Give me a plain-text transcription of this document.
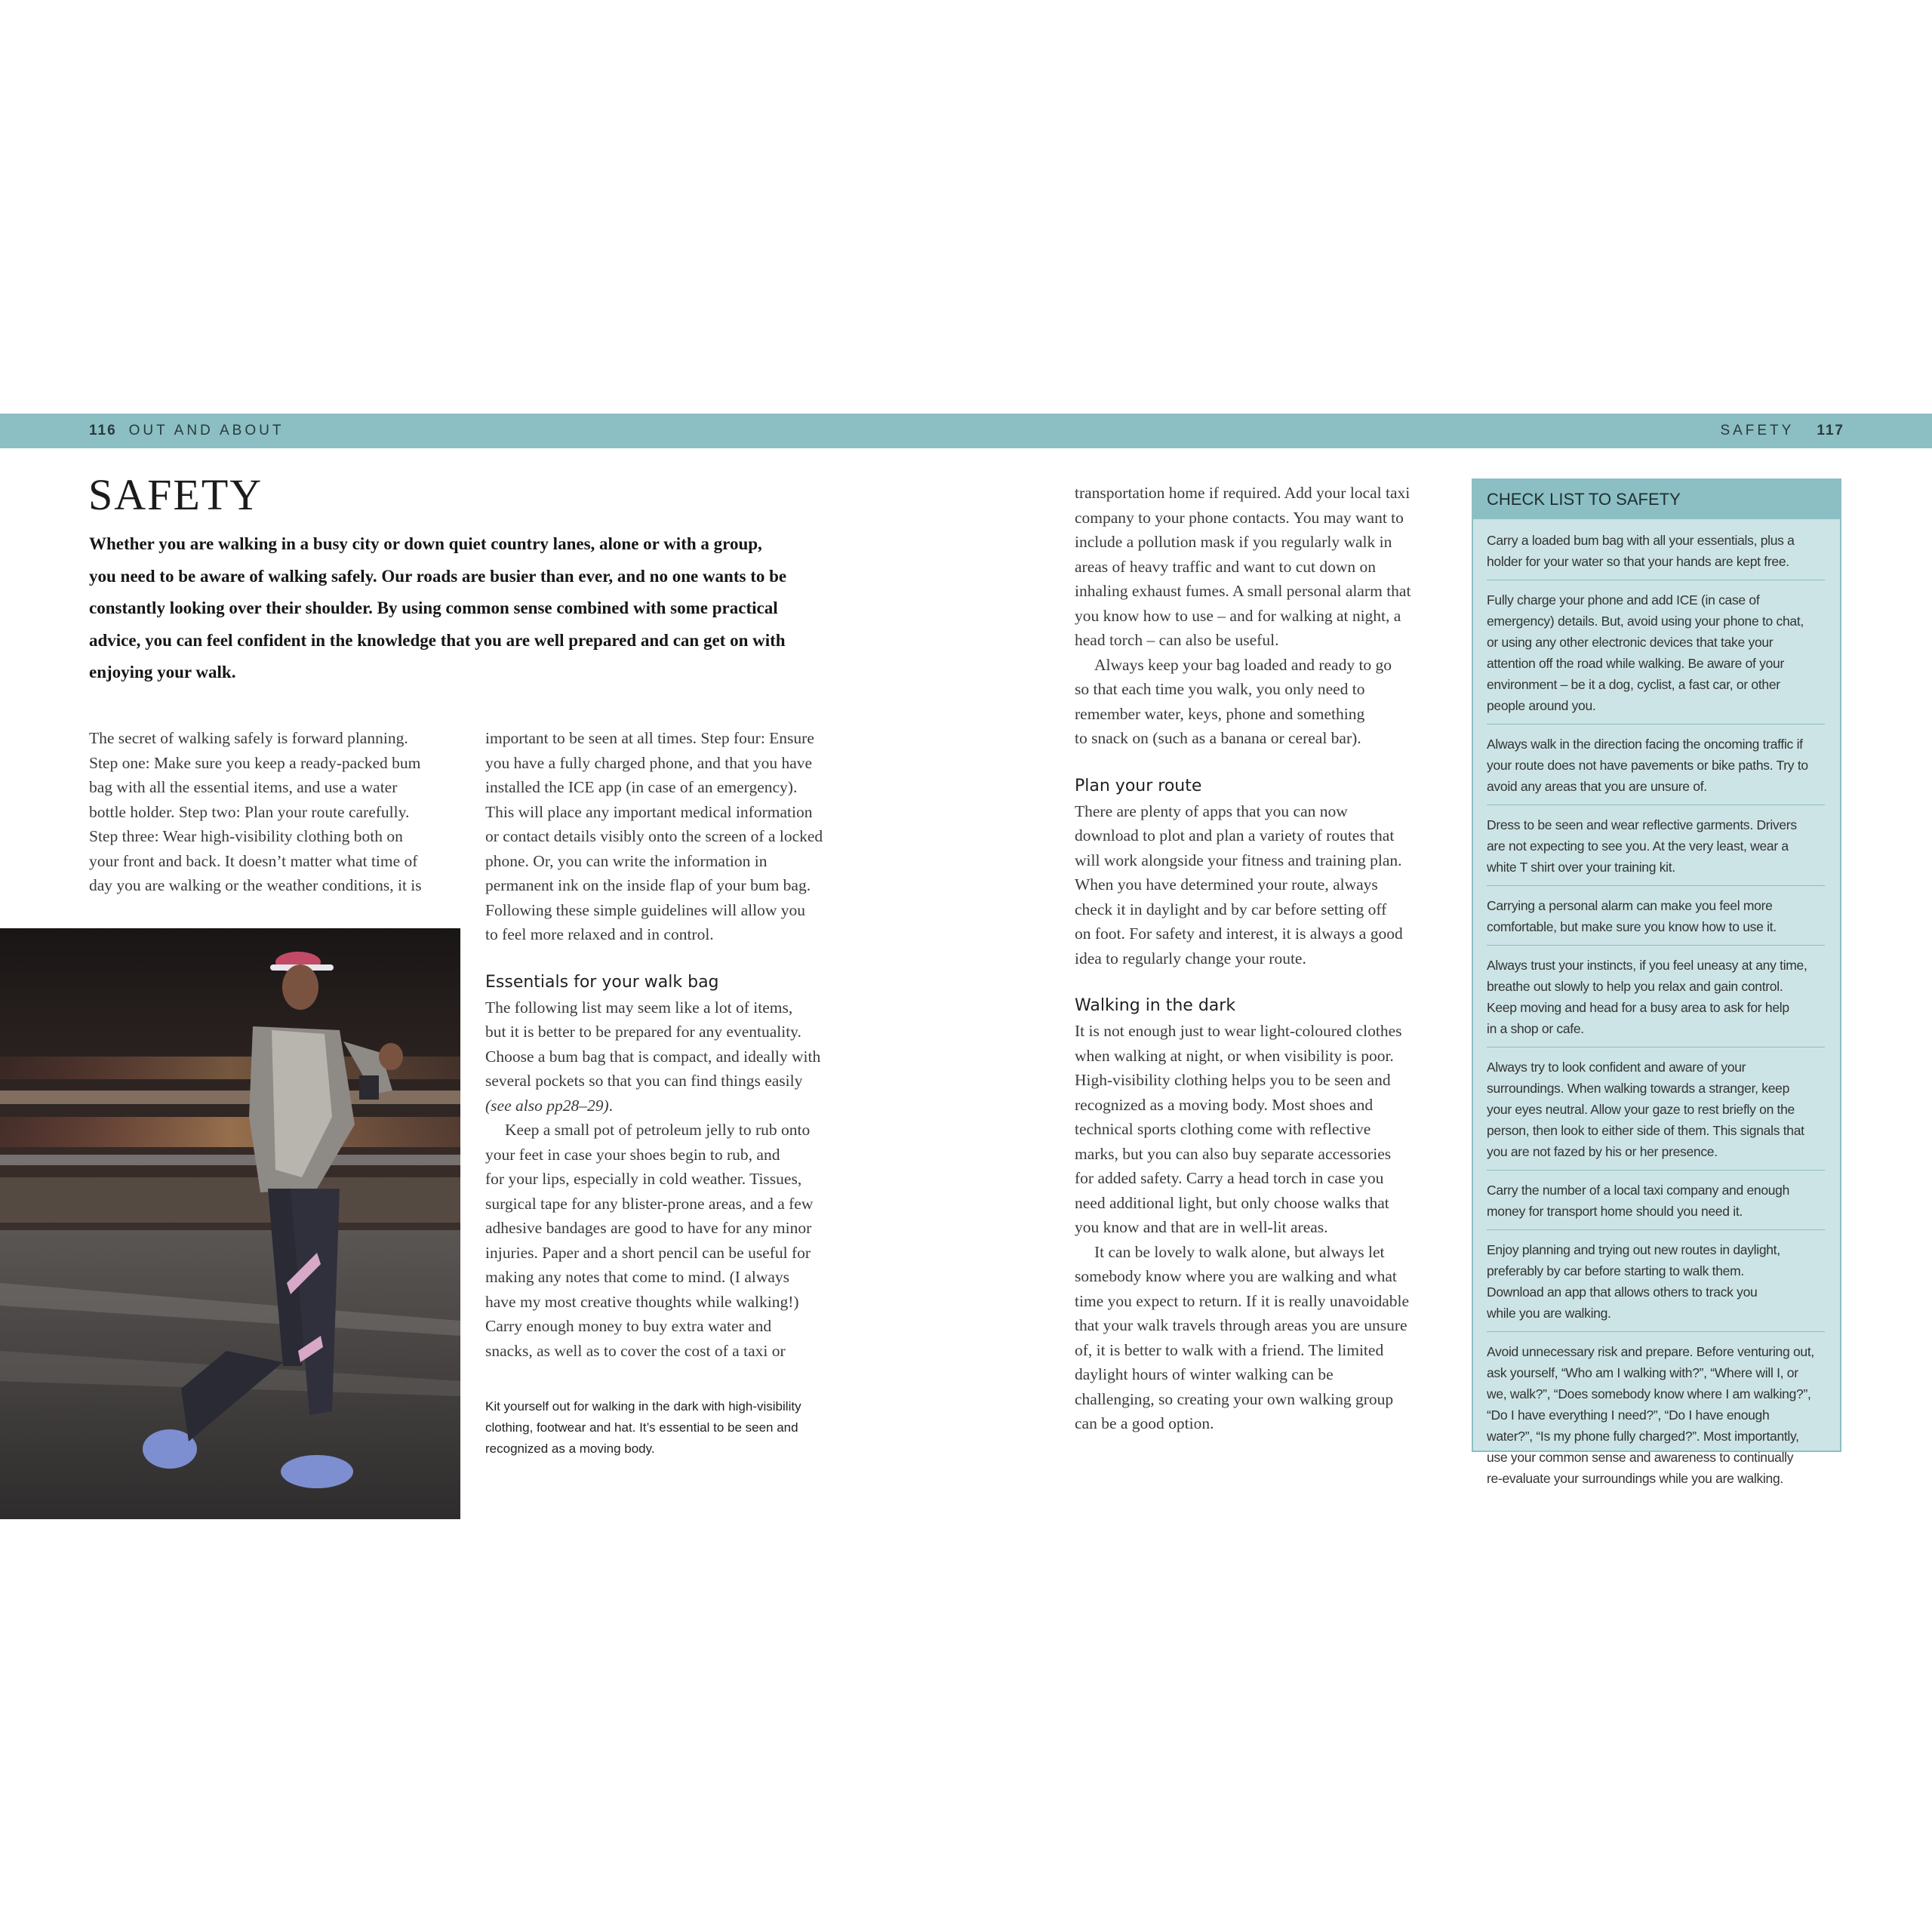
116 OUT AND ABOUT	SAFETY 117
SAFETY

Whether you are walking in a busy city or down quiet country lanes, alone or with a group,
you need to be aware of walking safely. Our roads are busier than ever, and no one wants to be
constantly looking over their shoulder. By using common sense combined with some practical
advice, you can feel confident in the knowledge that you are well prepared and can get on with
enjoying your walk.

The secret of walking safely is forward planning.
Step one: Make sure you keep a ready-packed bum
bag with all the essential items, and use a water
bottle holder. Step two: Plan your route carefully.
Step three: Wear high-visibility clothing both on
your front and back. It doesn’t matter what time of
day you are walking or the weather conditions, it is

important to be seen at all times. Step four: Ensure
you have a fully charged phone, and that you have
installed the ICE app (in case of an emergency).
This will place any important medical information
or contact details visibly onto the screen of a locked
phone. Or, you can write the information in
permanent ink on the inside flap of your bum bag.
Following these simple guidelines will allow you
to feel more relaxed and in control.

Essentials for your walk bag

The following list may seem like a lot of items,
but it is better to be prepared for any eventuality.
Choose a bum bag that is compact, and ideally with
several pockets so that you can find things easily
(see also pp28–29).

Keep a small pot of petroleum jelly to rub onto
your feet in case your shoes begin to rub, and
for your lips, especially in cold weather. Tissues,
surgical tape for any blister-prone areas, and a few
adhesive bandages are good to have for any minor
injuries. Paper and a short pencil can be useful for
making any notes that come to mind. (I always
have my most creative thoughts while walking!)
Carry enough money to buy extra water and
snacks, as well as to cover the cost of a taxi or

Kit yourself out for walking in the dark with high-visibility
clothing, footwear and hat. It’s essential to be seen and
recognized as a moving body.

transportation home if required. Add your local taxi
company to your phone contacts. You may want to
include a pollution mask if you regularly walk in
areas of heavy traffic and want to cut down on
inhaling exhaust fumes. A small personal alarm that
you know how to use – and for walking at night, a
head torch – can also be useful.

Always keep your bag loaded and ready to go
so that each time you walk, you only need to
remember water, keys, phone and something
to snack on (such as a banana or cereal bar).

Plan your route

There are plenty of apps that you can now
download to plot and plan a variety of routes that
will work alongside your fitness and training plan.
When you have determined your route, always
check it in daylight and by car before setting off
on foot. For safety and interest, it is always a good
idea to regularly change your route.

Walking in the dark

It is not enough just to wear light-coloured clothes
when walking at night, or when visibility is poor.
High-visibility clothing helps you to be seen and
recognized as a moving body. Most shoes and
technical sports clothing come with reflective
marks, but you can also buy separate accessories
for added safety. Carry a head torch in case you
need additional light, but only choose walks that
you know and that are in well-lit areas.

It can be lovely to walk alone, but always let
somebody know where you are walking and what
time you expect to return. If it is really unavoidable
that your walk travels through areas you are unsure
of, it is better to walk with a friend. The limited
daylight hours of winter walking can be
challenging, so creating your own walking group
can be a good option.

CHECK LIST TO SAFETY
Carry a loaded bum bag with all your essentials, plus a
holder for your water so that your hands are kept free.
Fully charge your phone and add ICE (in case of
emergency) details. But, avoid using your phone to chat,
or using any other electronic devices that take your
attention off the road while walking. Be aware of your
environment – be it a dog, cyclist, a fast car, or other
people around you.
Always walk in the direction facing the oncoming traffic if
your route does not have pavements or bike paths. Try to
avoid any areas that you are unsure of.
Dress to be seen and wear reflective garments. Drivers
are not expecting to see you. At the very least, wear a
white T shirt over your training kit.
Carrying a personal alarm can make you feel more
comfortable, but make sure you know how to use it.
Always trust your instincts, if you feel uneasy at any time,
breathe out slowly to help you relax and gain control.
Keep moving and head for a busy area to ask for help
in a shop or cafe.
Always try to look confident and aware of your
surroundings. When walking towards a stranger, keep
your eyes neutral. Allow your gaze to rest briefly on the
person, then look to either side of them. This signals that
you are not fazed by his or her presence.
Carry the number of a local taxi company and enough
money for transport home should you need it.
Enjoy planning and trying out new routes in daylight,
preferably by car before starting to walk them.
Download an app that allows others to track you
while you are walking.
Avoid unnecessary risk and prepare. Before venturing out,
ask yourself, “Who am I walking with?”, “Where will I, or
we, walk?”, “Does somebody know where I am walking?”,
“Do I have everything I need?”, “Do I have enough
water?”, “Is my phone fully charged?”. Most importantly,
use your common sense and awareness to continually
re-evaluate your surroundings while you are walking.
